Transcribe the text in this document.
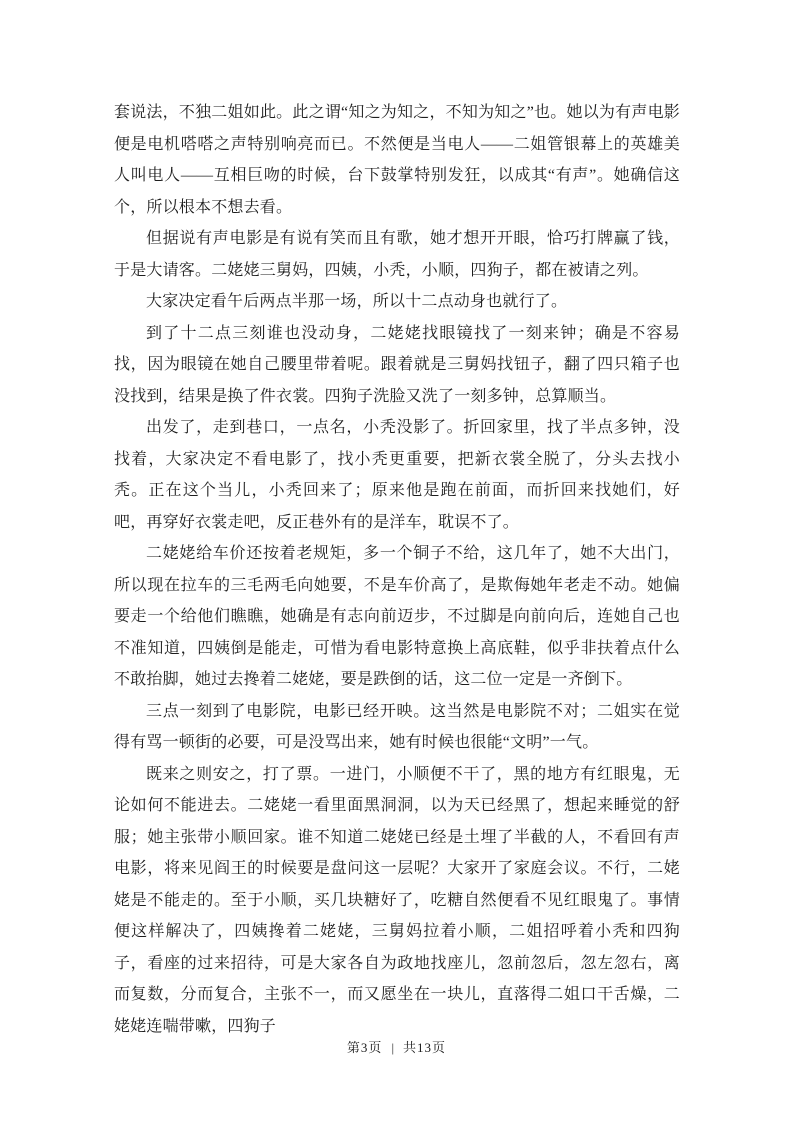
套说法，不独二姐如此。此之谓“知之为知之，不知为知之”也。她以为有声电影便是电机嗒嗒之声特别响亮而已。不然便是当电人——二姐管银幕上的英雄美人叫电人——互相巨吻的时候，台下鼓掌特别发狂，以成其“有声”。她确信这个，所以根本不想去看。

但据说有声电影是有说有笑而且有歌，她才想开开眼，恰巧打牌赢了钱，于是大请客。二姥姥三舅妈，四姨，小秃，小顺，四狗子，都在被请之列。

大家决定看午后两点半那一场，所以十二点动身也就行了。

到了十二点三刻谁也没动身，二姥姥找眼镜找了一刻来钟；确是不容易找，因为眼镜在她自己腰里带着呢。跟着就是三舅妈找钮子，翻了四只箱子也没找到，结果是换了件衣裳。四狗子洗脸又洗了一刻多钟，总算顺当。

出发了，走到巷口，一点名，小秃没影了。折回家里，找了半点多钟，没找着，大家决定不看电影了，找小秃更重要，把新衣裳全脱了，分头去找小秃。正在这个当儿，小秃回来了；原来他是跑在前面，而折回来找她们，好吧，再穿好衣裳走吧，反正巷外有的是洋车，耽误不了。

二姥姥给车价还按着老规矩，多一个铜子不给，这几年了，她不大出门，所以现在拉车的三毛两毛向她要，不是车价高了，是欺侮她年老走不动。她偏要走一个给他们瞧瞧，她确是有志向前迈步，不过脚是向前向后，连她自己也不准知道，四姨倒是能走，可惜为看电影特意换上高底鞋，似乎非扶着点什么不敢抬脚，她过去搀着二姥姥，要是跌倒的话，这二位一定是一齐倒下。

三点一刻到了电影院，电影已经开映。这当然是电影院不对；二姐实在觉得有骂一顿街的必要，可是没骂出来，她有时候也很能“文明”一气。

既来之则安之，打了票。一进门，小顺便不干了，黑的地方有红眼鬼，无论如何不能进去。二姥姥一看里面黑洞洞，以为天已经黑了，想起来睡觉的舒服；她主张带小顺回家。谁不知道二姥姥已经是土埋了半截的人，不看回有声电影，将来见阎王的时候要是盘问这一层呢？大家开了家庭会议。不行，二姥姥是不能走的。至于小顺，买几块糖好了，吃糖自然便看不见红眼鬼了。事情便这样解决了，四姨搀着二姥姥，三舅妈拉着小顺，二姐招呼着小秃和四狗子，看座的过来招待，可是大家各自为政地找座儿，忽前忽后，忽左忽右，离而复数，分而复合，主张不一，而又愿坐在一块儿，直落得二姐口干舌燥，二姥姥连喘带嗽，四狗子

第3页 | 共13页
